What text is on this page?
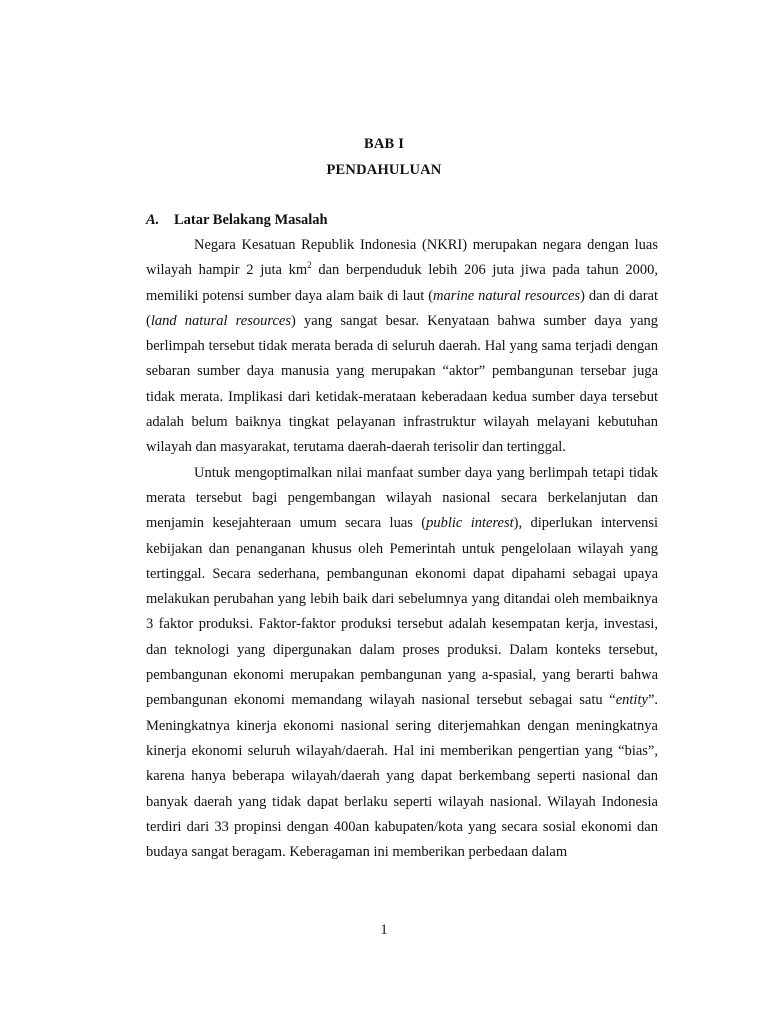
BAB I
PENDAHULUAN
A. Latar Belakang Masalah

Negara Kesatuan Republik Indonesia (NKRI) merupakan negara dengan luas wilayah hampir 2 juta $km^2$ dan berpenduduk lebih 206 juta jiwa pada tahun 2000, memiliki potensi sumber daya alam baik di laut (marine natural resources) dan di darat (land natural resources) yang sangat besar. Kenyataan bahwa sumber daya yang berlimpah tersebut tidak merata berada di seluruh daerah. Hal yang sama terjadi dengan sebaran sumber daya manusia yang merupakan “aktor” pembangunan tersebar juga tidak merata. Implikasi dari ketidak-merataan keberadaan kedua sumber daya tersebut adalah belum baiknya tingkat pelayanan infrastruktur wilayah melayani kebutuhan wilayah dan masyarakat, terutama daerah-daerah terisolir dan tertinggal.

Untuk mengoptimalkan nilai manfaat sumber daya yang berlimpah tetapi tidak merata tersebut bagi pengembangan wilayah nasional secara berkelanjutan dan menjamin kesejahteraan umum secara luas (public interest), diperlukan intervensi kebijakan dan penanganan khusus oleh Pemerintah untuk pengelolaan wilayah yang tertinggal. Secara sederhana, pembangunan ekonomi dapat dipahami sebagai upaya melakukan perubahan yang lebih baik dari sebelumnya yang ditandai oleh membaiknya 3 faktor produksi. Faktor-faktor produksi tersebut adalah kesempatan kerja, investasi, dan teknologi yang dipergunakan dalam proses produksi. Dalam konteks tersebut, pembangunan ekonomi merupakan pembangunan yang a-spasial, yang berarti bahwa pembangunan ekonomi memandang wilayah nasional tersebut sebagai satu “entity”. Meningkatnya kinerja ekonomi nasional sering diterjemahkan dengan meningkatnya kinerja ekonomi seluruh wilayah/daerah. Hal ini memberikan pengertian yang “bias”, karena hanya beberapa wilayah/daerah yang dapat berkembang seperti nasional dan banyak daerah yang tidak dapat berlaku seperti wilayah nasional. Wilayah Indonesia terdiri dari 33 propinsi dengan 400an kabupaten/kota yang secara sosial ekonomi dan budaya sangat beragam. Keberagaman ini memberikan perbedaan dalam

1
